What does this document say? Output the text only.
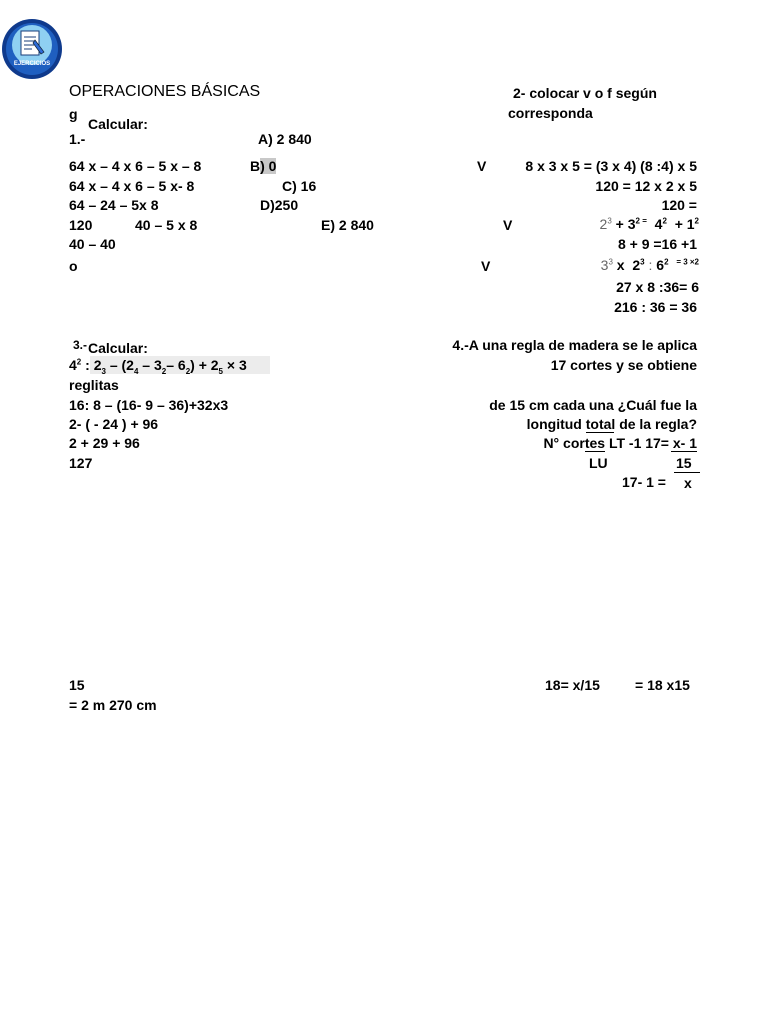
EJERCICIOS
OPERACIONES BÁSICAS
g
Calcular:
1.-	A) 2 840
64 x – 4 x 6 – 5 x – 8	B) 0
64 x – 4 x 6 – 5 x- 8	C) 16
64 – 24 – 5x 8	D)250
120	40 – 5 x 8	E) 2 840
40 – 40
o
2- colocar v o f según
corresponda
V	8 x 3 x 5 = (3 x 4) (8 :4) x 5
120 = 12 x 2 x 5
120 =
V	$2^3 + 3^{2 =}$ $4^2 + 1^2$
8 + 9 =16 +1
V	$3^3$ x $2^3$ : $6^2$ $^{= 3 \times 2}$
27 x 8 :36= 6
216 : 36 = 36
3.- Calcular:
$4^2$ : $2_3 - (2_4 - 3_2-$ $6_2) + 2_5 \times 3$
reglitas
16: 8 – (16- 9 – 36)+32x3
2- ( - 24 ) + 96
2 + 29 + 96
127
4.-A una regla de madera se le aplica
17 cortes y se obtiene
de 15 cm cada una ¿Cuál fue la
longitud total de la regla?
N° cortes LT -1 17= x- 1
LU	15
17- 1 = x
15
= 2 m 270 cm
18= x/15	= 18 x15
